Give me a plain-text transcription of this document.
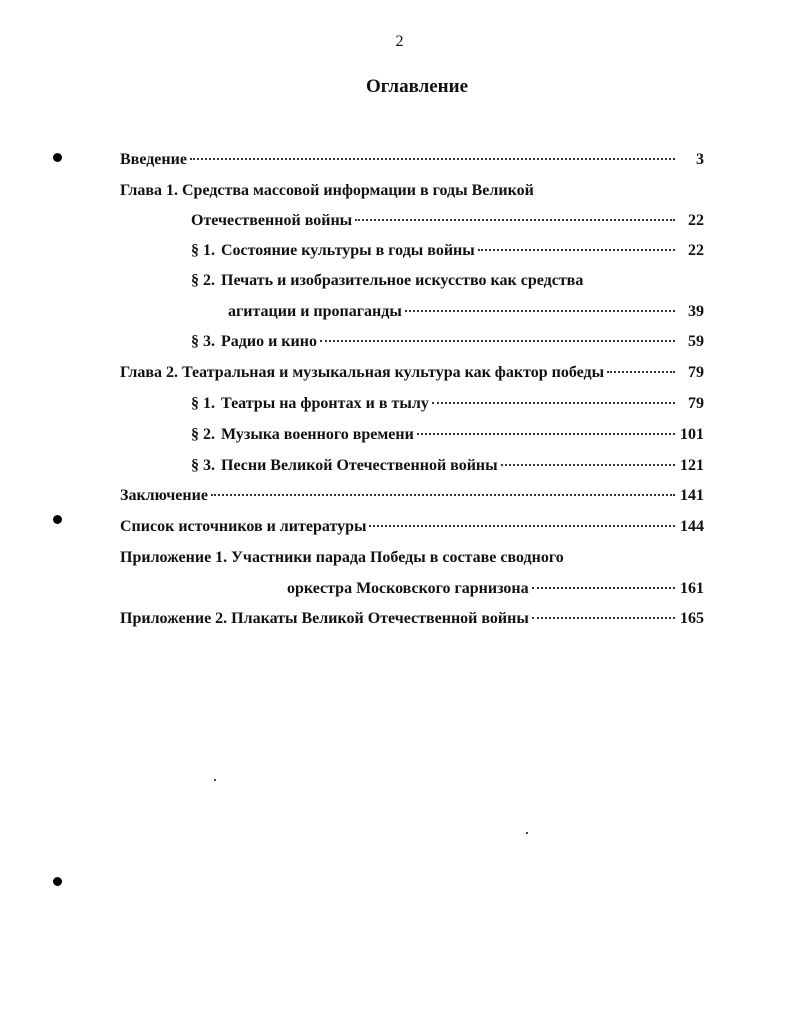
2
Оглавление
Введение	3
Глава 1. Средства массовой информации в годы Великой
Отечественной войны	22
§ 1. Состояние культуры в годы войны	22
§ 2. Печать и изобразительное искусство как средства
агитации и пропаганды	39
§ 3. Радио и кино	59
Глава 2. Театральная и музыкальная культура как фактор победы	79
§ 1. Театры на фронтах и в тылу	79
§ 2. Музыка военного времени	101
§ 3. Песни Великой Отечественной войны	121
Заключение	141
Список источников и литературы	144
Приложение 1. Участники парада Победы в составе сводного
оркестра Московского гарнизона	161
Приложение 2. Плакаты Великой Отечественной войны	165
